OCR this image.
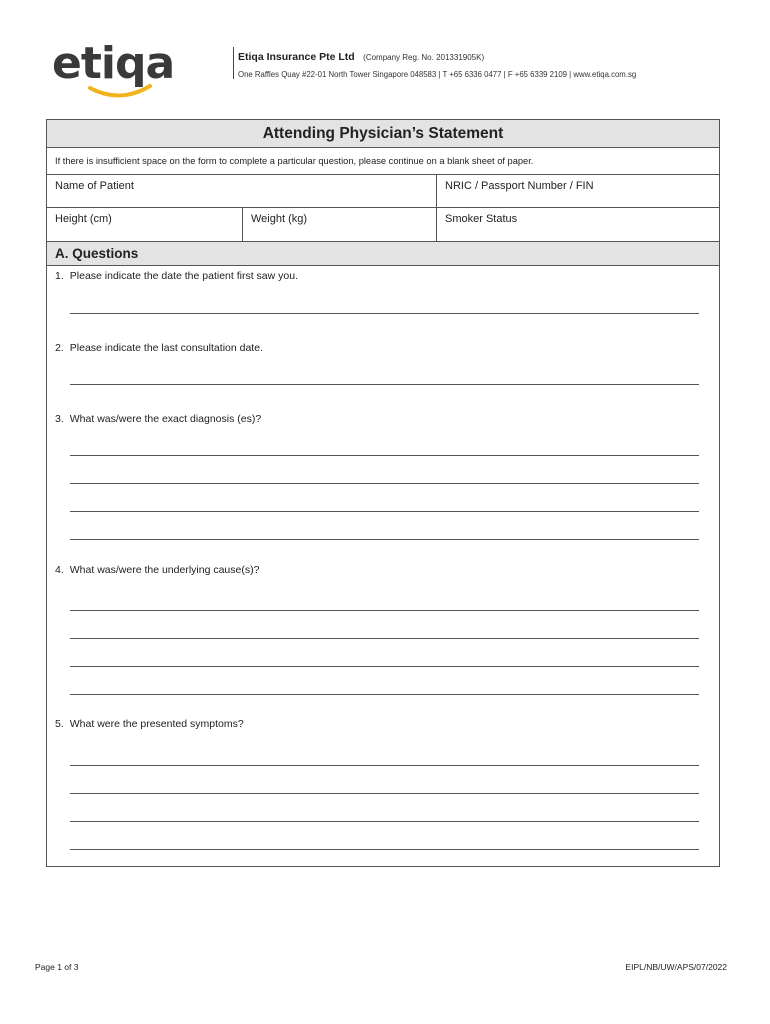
etiqa	Etiqa Insurance Pte Ltd (Company Reg. No. 201331905K)
One Raffles Quay #22-01 North Tower Singapore 048583 | T +65 6336 0477 | F +65 6339 2109 | www.etiqa.com.sg
Attending Physician’s Statement
If there is insufficient space on the form to complete a particular question, please continue on a blank sheet of paper.
Name of Patient	NRIC / Passport Number / FIN
Height (cm)	Weight (kg)	Smoker Status
A. Questions
1. Please indicate the date the patient first saw you.
2. Please indicate the last consultation date.
3. What was/were the exact diagnosis (es)?
4. What was/were the underlying cause(s)?
5. What were the presented symptoms?
Page 1 of 3	EIPL/NB/UW/APS/07/2022
